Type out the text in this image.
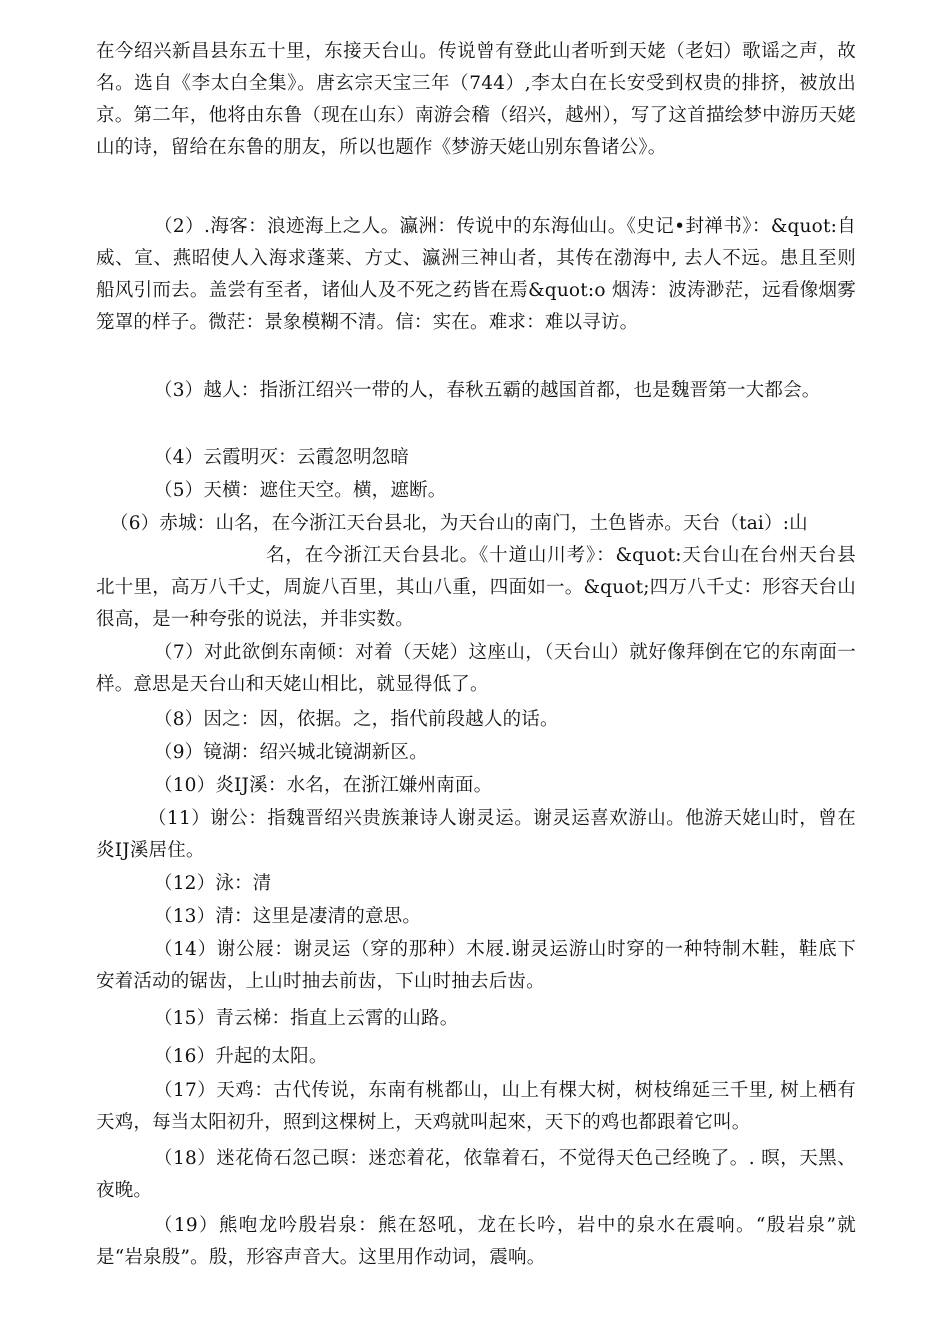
在今绍兴新昌县东五十里，东接天台山。传说曾有登此山者听到天姥（老妇）歌谣之声，故名。选自《李太白全集》。唐玄宗天宝三年（744）,李太白在长安受到权贵的排挤，被放出京。第二年，他将由东鲁（现在山东）南游会稽（绍兴，越州），写了这首描绘梦中游历天姥山的诗，留给在东鲁的朋友，所以也题作《梦游天姥山别东鲁诸公》。

（2）.海客：浪迹海上之人。瀛洲：传说中的东海仙山。《史记•封禅书》：&quot:自威、宣、燕昭使人入海求蓬莱、方丈、瀛洲三神山者，其传在渤海中, 去人不远。患且至则船风引而去。盖尝有至者，诸仙人及不死之药皆在焉&quot:o 烟涛：波涛渺茫，远看像烟雾笼罩的样子。微茫：景象模糊不清。信：实在。难求：难以寻访。

（3）越人：指浙江绍兴一带的人，春秋五霸的越国首都，也是魏晋第一大都会。

（4）云霞明灭：云霞忽明忽暗

（5）天横：遮住天空。横，遮断。

（6）赤城：山名，在今浙江天台县北，为天台山的南门，土色皆赤。天台（tai）:山
名，在今浙江天台县北。《十道山川考》：&quot:天台山在台州天台县北十里，高万八千丈，周旋八百里，其山八重，四面如一。&quot;四万八千丈：形容天台山很高，是一种夸张的说法，并非实数。

（7）对此欲倒东南倾：对着（天姥）这座山，（天台山）就好像拜倒在它的东南面一样。意思是天台山和天姥山相比，就显得低了。

（8）因之：因，依据。之，指代前段越人的话。

（9）镜湖：绍兴城北镜湖新区。

（10）炎IJ溪：水名，在浙江嫌州南面。

（11）谢公：指魏晋绍兴贵族兼诗人谢灵运。谢灵运喜欢游山。他游天姥山时，曾在炎IJ溪居住。

（12）泳：清

（13）清：这里是凄清的意思。

（14）谢公屐：谢灵运（穿的那种）木屐.谢灵运游山时穿的一种特制木鞋，鞋底下安着活动的锯齿，上山时抽去前齿，下山时抽去后齿。

（15）青云梯：指直上云霄的山路。

（16）升起的太阳。

（17）天鸡：古代传说，东南有桃都山，山上有棵大树，树枝绵延三千里, 树上栖有天鸡，每当太阳初升，照到这棵树上，天鸡就叫起來，天下的鸡也都跟着它叫。

（18）迷花倚石忽己暝：迷恋着花，依靠着石，不觉得天色己经晚了。. 暝，天黑、夜晚。

（19）熊咆龙吟殷岩泉：熊在怒吼，龙在长吟，岩中的泉水在震响。“殷岩泉”就是“岩泉殷”。殷，形容声音大。这里用作动词，震响。
